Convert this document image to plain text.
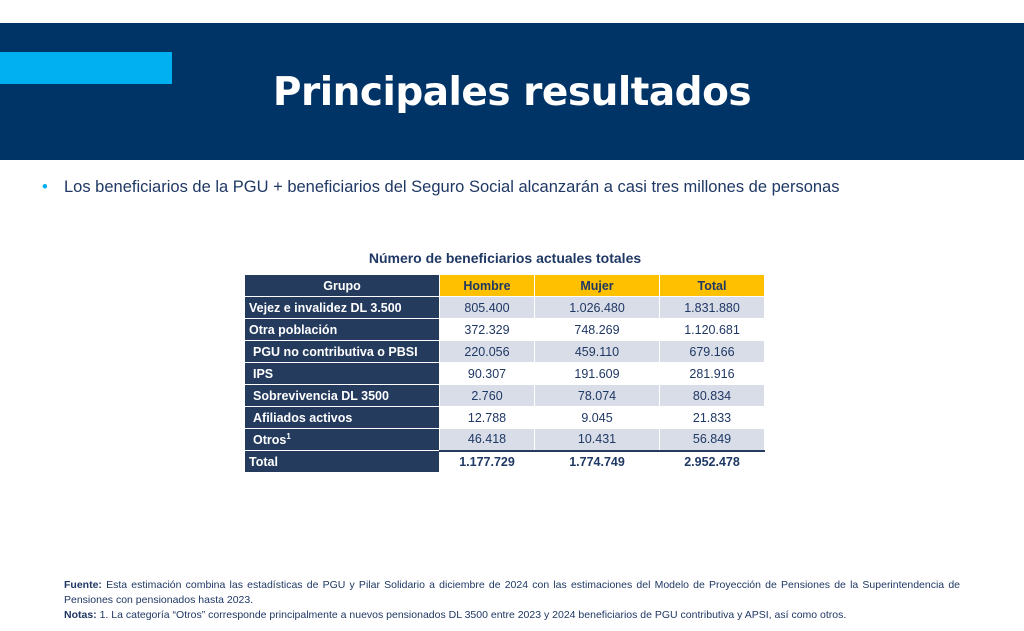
Principales resultados
• Los beneficiarios de la PGU + beneficiarios del Seguro Social alcanzarán a casi tres millones de personas
Número de beneficiarios actuales totales
Grupo	Hombre	Mujer	Total
Vejez e invalidez DL 3.500	805.400	1.026.480	1.831.880
Otra población	372.329	748.269	1.120.681
PGU no contributiva o PBSI	220.056	459.110	679.166
IPS	90.307	191.609	281.916
Sobrevivencia DL 3500	2.760	78.074	80.834
Afiliados activos	12.788	9.045	21.833
Otros$^1$	46.418	10.431	56.849
Total	1.177.729	1.774.749	2.952.478
Fuente: Esta estimación combina las estadísticas de PGU y Pilar Solidario a diciembre de 2024 con las estimaciones del Modelo de Proyección de Pensiones de la Superintendencia de Pensiones con pensionados hasta 2023.
Notas: 1. La categoría “Otros” corresponde principalmente a nuevos pensionados DL 3500 entre 2023 y 2024 beneficiarios de PGU contributiva y APSI, así como otros.
